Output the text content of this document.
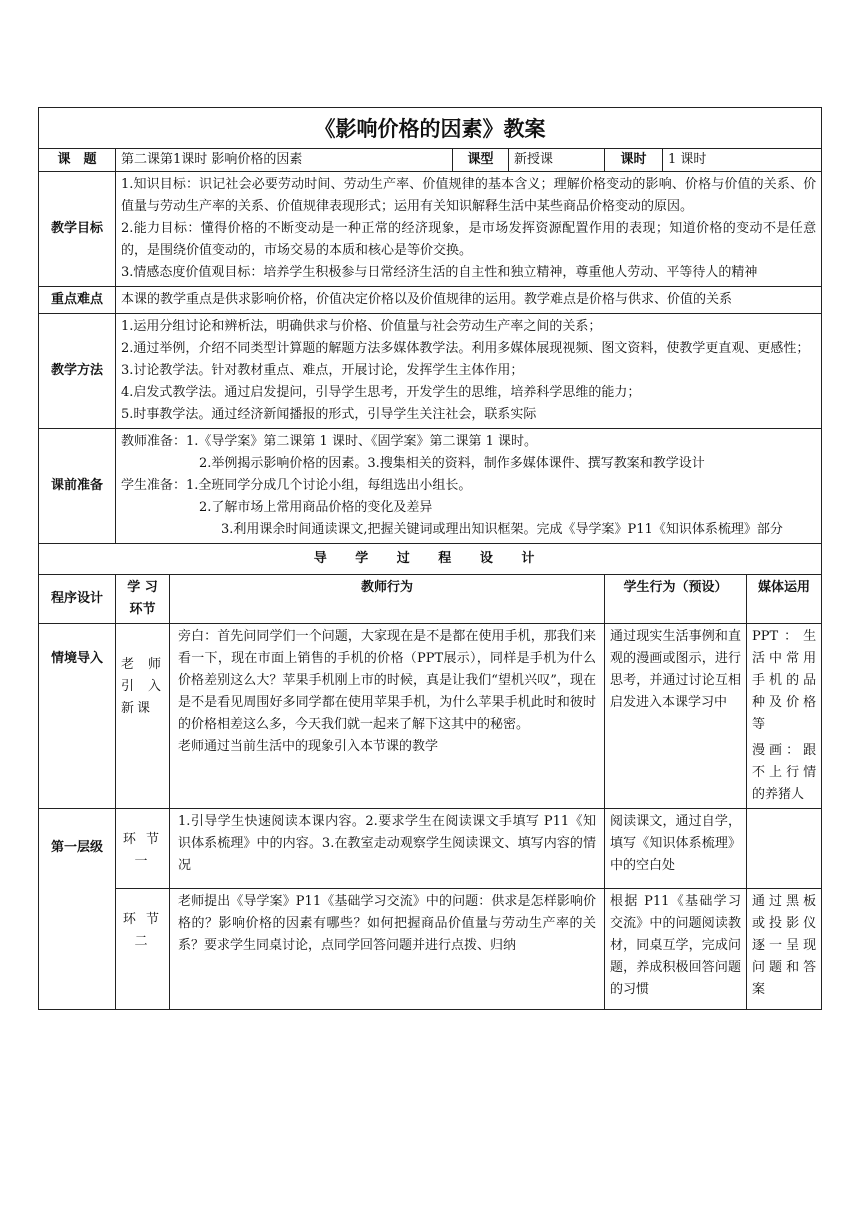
《影响价格的因素》教案							
课　题	第二课第1课时 影响价格的因素		课型	新授课	课时	1 课时	
教学目标	1.知识目标：识记社会必要劳动时间、劳动生产率、价值规律的基本含义；理解价格变动的影响、价格与价值的关系、价值量与劳动生产率的关系、价值规律表现形式；运用有关知识解释生活中某些商品价格变动的原因。
2.能力目标：懂得价格的不断变动是一种正常的经济现象，是市场发挥资源配置作用的表现；知道价格的变动不是任意的，是围绕价值变动的，市场交易的本质和核心是等价交换。
3.情感态度价值观目标：培养学生积极参与日常经济生活的自主性和独立精神，尊重他人劳动、平等待人的精神						

重点难点	本课的教学重点是供求影响价格，价值决定价格以及价值规律的运用。教学难点是价格与供求、价值的关系						
教学方法	1.运用分组讨论和辨析法，明确供求与价格、价值量与社会劳动生产率之间的关系；
2.通过举例，介绍不同类型计算题的解题方法多媒体教学法。利用多媒体展现视频、图文资料，使教学更直观、更感性；
3.讨论教学法。针对教材重点、难点，开展讨论，发挥学生主体作用；
4.启发式教学法。通过启发提问，引导学生思考，开发学生的思维，培养科学思维的能力；
5.时事教学法。通过经济新闻播报的形式，引导学生关注社会，联系实际						

课前准备	教师准备：1.《导学案》第二课第 1 课时、《固学案》第二课第 1 课时。
2.举例揭示影响价格的因素。3.搜集相关的资料，制作多媒体课件、撰写教案和教学设计
学生准备：1.全班同学分成几个讨论小组，每组选出小组长。
2.了解市场上常用商品价格的变化及差异
3.利用课余时间通读课文,把握关键词或理出知识框架。完成《导学案》P11《知识体系梳理》部分						

导 学 过 程 设 计							
程序设计	学 习 环节	教师行为			学生行为（预设）		媒体运用
情境导入	老 师 引 入 新课	旁白：首先问同学们一个问题，大家现在是不是都在使用手机，那我们来看一下，现在市面上销售的手机的价格（PPT展示），同样是手机为什么价格差别这么大？苹果手机刚上市的时候，真是让我们“望机兴叹”，现在是不是看见周围好多同学都在使用苹果手机，为什么苹果手机此时和彼时的价格相差这么多，今天我们就一起来了解下这其中的秘密。
老师通过当前生活中的现象引入本节课的教学			通过现实生活事例和直观的漫画或图示，进行思考，并通过讨论互相启发进入本课学习中		PPT：生活中常用手机的品种及价格等
漫画：跟不上行情的养猪人

第一层级	环 节 一	1.引导学生快速阅读本课内容。2.要求学生在阅读课文手填写 P11《知识体系梳理》中的内容。3.在教室走动观察学生阅读课文、填写内容的情况			阅读课文，通过自学，填写《知识体系梳理》中的空白处		
	环 节 二	老师提出《导学案》P11《基础学习交流》中的问题：供求是怎样影响价格的？影响价格的因素有哪些？如何把握商品价值量与劳动生产率的关系？要求学生同桌讨论，点同学回答问题并进行点拨、归纳			根据 P11《基础学习交流》中的问题阅读教材，同桌互学，完成问题，养成积极回答问题的习惯		通过黑板或投影仪逐一呈现问题和答案
